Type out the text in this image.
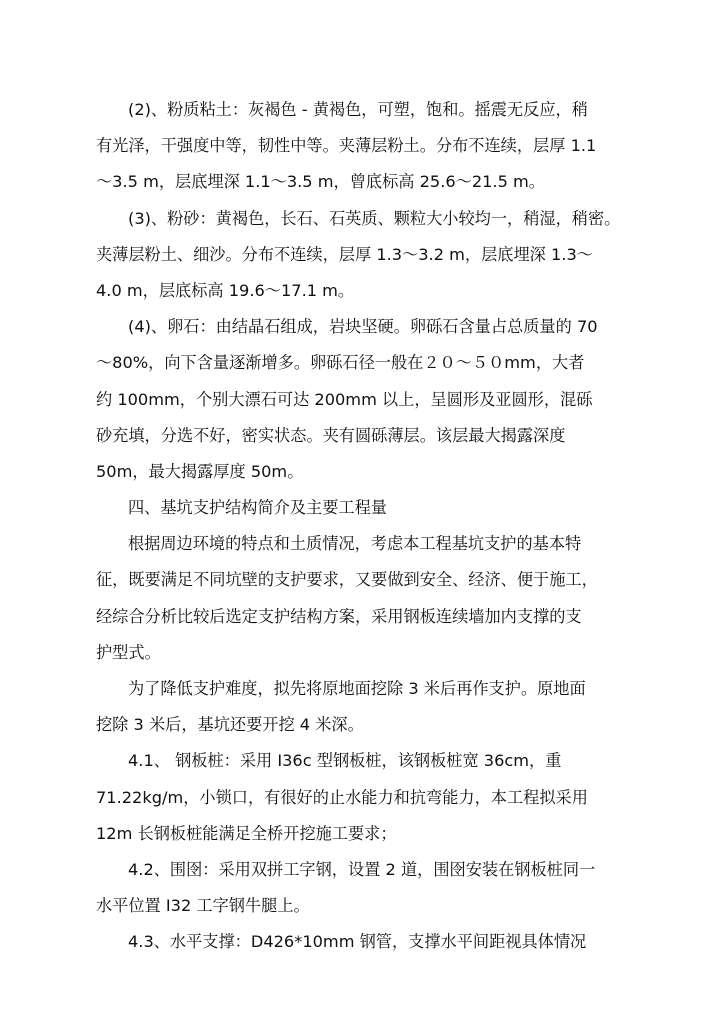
(2)、粉质粘土：灰褐色 - 黄褐色，可塑，饱和。摇震无反应，稍
有光泽，干强度中等，韧性中等。夹薄层粉土。分布不连续，层厚 1.1
～3.5 m，层底埋深 1.1～3.5 m，曾底标高 25.6～21.5 m。
(3)、粉砂：黄褐色，长石、石英质、颗粒大小较均一，稍湿，稍密。
夹薄层粉土、细沙。分布不连续，层厚 1.3～3.2 m，层底埋深 1.3～
4.0 m，层底标高 19.6～17.1 m。
(4)、卵石：由结晶石组成，岩块坚硬。卵砾石含量占总质量的 70
～80%，向下含量逐渐增多。卵砾石径一般在２０～５０mm，大者
约 100mm，个别大漂石可达 200mm 以上，呈圆形及亚圆形，混砾
砂充填，分选不好，密实状态。夹有圆砾薄层。该层最大揭露深度
50m，最大揭露厚度 50m。
四、基坑支护结构简介及主要工程量
根据周边环境的特点和土质情况，考虑本工程基坑支护的基本特
征，既要满足不同坑壁的支护要求，又要做到安全、经济、便于施工，
经综合分析比较后选定支护结构方案，采用钢板连续墙加内支撑的支
护型式。
为了降低支护难度，拟先将原地面挖除 3 米后再作支护。原地面
挖除 3 米后，基坑还要开挖 4 米深。
4.1、 钢板桩：采用 I36c 型钢板桩，该钢板桩宽 36cm，重
71.22kg/m，小锁口，有很好的止水能力和抗弯能力，本工程拟采用
12m 长钢板桩能满足全桥开挖施工要求；
4.2、围囹：采用双拼工字钢，设置 2 道，围囹安装在钢板桩同一
水平位置 I32 工字钢牛腿上。
4.3、水平支撑：D426*10mm 钢管，支撑水平间距视具体情况
